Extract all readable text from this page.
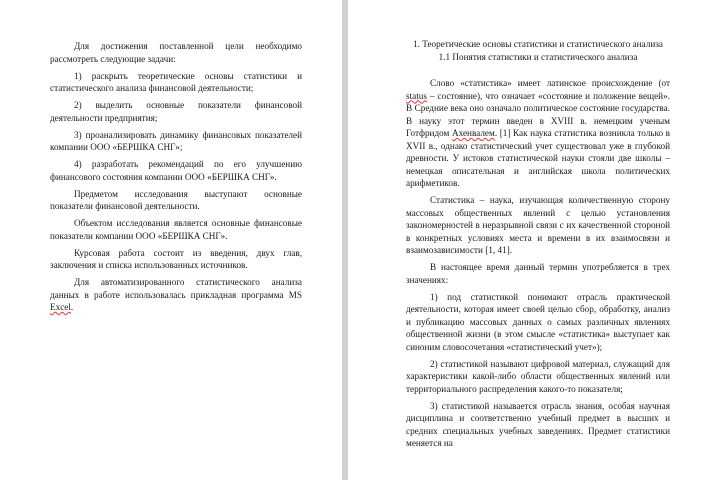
Для достижения поставленной цели необходимо рассмотреть следующие задачи:

1) раскрыть теоретические основы статистики и статистического анализа финансовой деятельности;

2) выделить основные показатели финансовой деятельности предприятия;

3) проанализировать динамику финансовых показателей компании ООО «БЕРШКА СНГ»;

4) разработать рекомендаций по его улучшению финансового состояния компании ООО «БЕРШКА СНГ».

Предметом исследования выступают основные показатели финансовой деятельности.

Объектом исследования является основные финансовые показатели компании ООО «БЕРШКА СНГ».

Курсовая работа состоит из введения, двух глав, заключения и списка использованных источников.

Для автоматизированного статистического анализа данных в работе использовалась прикладная программа MS Excel.

1. Теоретические основы статистики и статистического анализа

1.1 Понятия статистики и статистического анализа

Слово «статистика» имеет латинское происхождение (от status – состояние), что означает «состояние и положение вещей». В Средние века оно означало политическое состояние государства. В науку этот термин введен в XVIII в. немецким ученым Готфридом Ахенвалем. [1] Как наука статистика возникла только в XVII в., однако статистический учет существовал уже в глубокой древности. У истоков статистической науки стояли две школы – немецкая описательная и английская школа политических арифметиков.

Статистика – наука, изучающая количественную сторону массовых общественных явлений с целью установления закономерностей в неразрывной связи с их качественной стороной в конкретных условиях места и времени в их взаимосвязи и взаимозависимости [1, 41].

В настоящее время данный термин употребляется в трех значениях:

1) под статистикой понимают отрасль практической деятельности, которая имеет своей целью сбор, обработку, анализ и публикацию массовых данных о самых различных явлениях общественной жизни (в этом смысле «статистика» выступает как синоним словосочетания «статистический учет»);

2) статистикой называют цифровой материал, служащий для характеристики какой-либо области общественных явлений или территориального распределения какого-то показателя;

3) статистикой называется отрасль знания, особая научная дисциплина и соответственно учебный предмет в высших и средних специальных учебных заведениях. Предмет статистики меняется на
